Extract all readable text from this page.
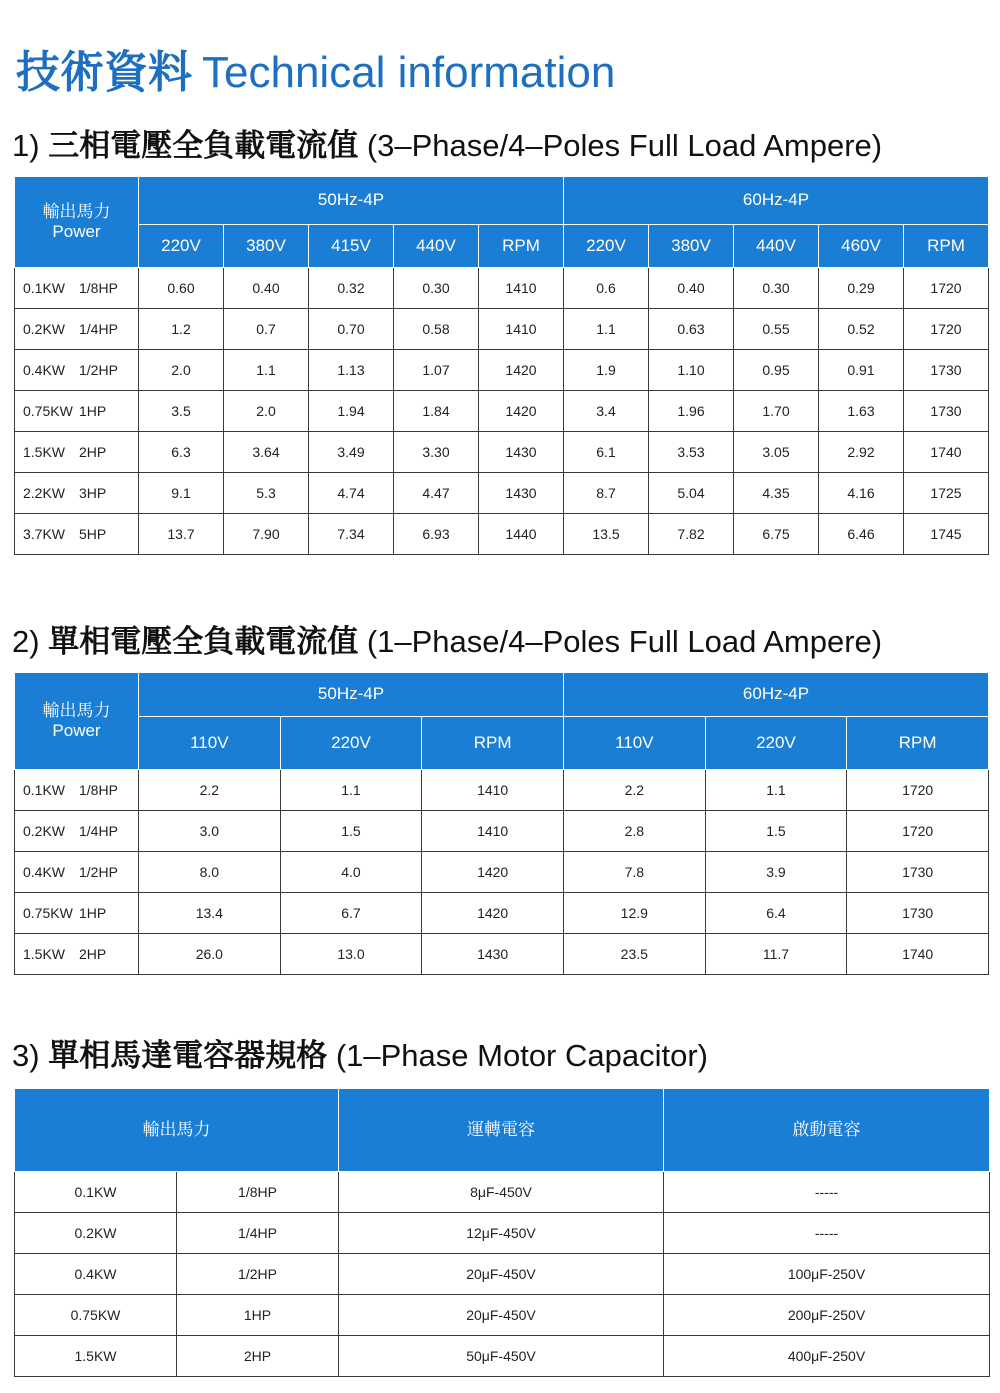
技術資料 Technical information
1) 三相電壓全負載電流值 (3–Phase/4–Poles Full Load Ampere)
輸出馬力
Power	50Hz-4P					60Hz-4P				
	220V	380V	415V	440V	RPM	220V	380V	440V	460V	RPM
0.1KW 1/8HP	0.60	0.40	0.32	0.30	1410	0.6	0.40	0.30	0.29	1720
0.2KW 1/4HP	1.2	0.7	0.70	0.58	1410	1.1	0.63	0.55	0.52	1720
0.4KW 1/2HP	2.0	1.1	1.13	1.07	1420	1.9	1.10	0.95	0.91	1730
0.75KW 1HP	3.5	2.0	1.94	1.84	1420	3.4	1.96	1.70	1.63	1730
1.5KW 2HP	6.3	3.64	3.49	3.30	1430	6.1	3.53	3.05	2.92	1740
2.2KW 3HP	9.1	5.3	4.74	4.47	1430	8.7	5.04	4.35	4.16	1725
3.7KW 5HP	13.7	7.90	7.34	6.93	1440	13.5	7.82	6.75	6.46	1745
2) 單相電壓全負載電流值 (1–Phase/4–Poles Full Load Ampere)
輸出馬力
Power	50Hz-4P			60Hz-4P		
	110V	220V	RPM	110V	220V	RPM
0.1KW 1/8HP	2.2	1.1	1410	2.2	1.1	1720
0.2KW 1/4HP	3.0	1.5	1410	2.8	1.5	1720
0.4KW 1/2HP	8.0	4.0	1420	7.8	3.9	1730
0.75KW 1HP	13.4	6.7	1420	12.9	6.4	1730
1.5KW 2HP	26.0	13.0	1430	23.5	11.7	1740
3) 單相馬達電容器規格 (1–Phase Motor Capacitor)
輸出馬力		運轉電容	啟動電容
0.1KW	1/8HP	8μF-450V	-----
0.2KW	1/4HP	12μF-450V	-----
0.4KW	1/2HP	20μF-450V	100μF-250V
0.75KW	1HP	20μF-450V	200μF-250V
1.5KW	2HP	50μF-450V	400μF-250V
